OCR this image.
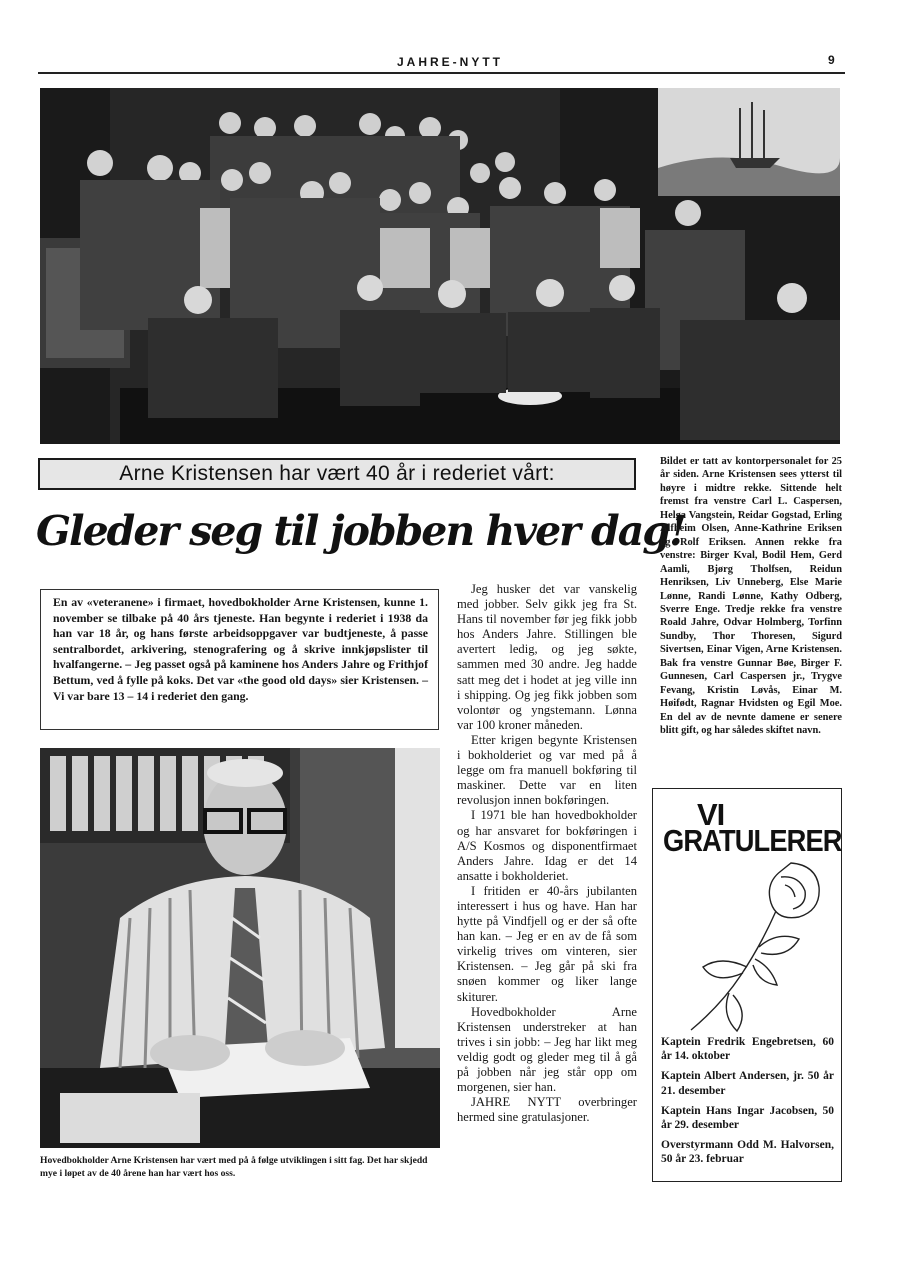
JAHRE-NYTT	9
Arne Kristensen har vært 40 år i rederiet vårt:
Gleder seg til jobben hver dag!
En av «veteranene» i firmaet, hovedbokholder Arne Kristensen, kunne 1. november se tilbake på 40 års tjeneste. Han begynte i rederiet i 1938 da han var 18 år, og hans første arbeidsoppgaver var budtjeneste, å passe sentralbordet, arkivering, stenografering og å skrive innkjøpslister til hvalfangerne. – Jeg passet også på kaminene hos Anders Jahre og Frithjof Bettum, ved å fylle på koks. Det var «the good old days» sier Kristensen. – Vi var bare 13 – 14 i rederiet den gang.
Hovedbokholder Arne Kristensen har vært med på å følge utviklingen i sitt fag. Det har skjedd mye i løpet av de 40 årene han har vært hos oss.

Jeg husker det var vanskelig med jobber. Selv gikk jeg fra St. Hans til november før jeg fikk jobb hos Anders Jahre. Stillingen ble avertert ledig, og jeg søkte, sammen med 30 andre. Jeg hadde satt meg det i hodet at jeg ville inn i shipping. Og jeg fikk jobben som volontør og yngstemann. Lønna var 100 kroner måneden.

Etter krigen begynte Kristensen i bokholderiet og var med på å legge om fra manuell bokføring til maskiner. Dette var en liten revolusjon innen bokføringen.

I 1971 ble han hovedbokholder og har ansvaret for bokføringen i A/S Kosmos og disponentfirmaet Anders Jahre. Idag er det 14 ansatte i bokholderiet.

I fritiden er 40-års jubilanten interessert i hus og have. Han har hytte på Vindfjell og er der så ofte han kan. – Jeg er en av de få som virkelig trives om vinteren, sier Kristensen. – Jeg går på ski fra snøen kommer og liker lange skiturer.

Hovedbokholder Arne Kristensen understreker at han trives i sin jobb: – Jeg har likt meg veldig godt og gleder meg til å gå på jobben når jeg står opp om morgenen, sier han.

JAHRE NYTT overbringer hermed sine gratulasjoner.

Bildet er tatt av kontorpersonalet for 25 år siden. Arne Kristensen sees ytterst til høyre i midtre rekke. Sittende helt fremst fra venstre Carl L. Caspersen, Helga Vangstein, Reidar Gogstad, Erling Alfheim Olsen, Anne-Kathrine Eriksen og Rolf Eriksen. Annen rekke fra venstre: Birger Kval, Bodil Hem, Gerd Aamli, Bjørg Tholfsen, Reidun Henriksen, Liv Unneberg, Else Marie Lønne, Randi Lønne, Kathy Odberg, Sverre Enge. Tredje rekke fra venstre Roald Jahre, Odvar Holmberg, Torfinn Sundby, Thor Thoresen, Sigurd Sivertsen, Einar Vigen, Arne Kristensen. Bak fra venstre Gunnar Bøe, Birger F. Gunnesen, Carl Caspersen jr., Trygve Fevang, Kristin Løvås, Einar M. Høifødt, Ragnar Hvidsten og Egil Moe. En del av de nevnte damene er senere blitt gift, og har således skiftet navn.
VI
GRATULERER
Kaptein Fredrik Engebretsen, 60 år 14. oktober
Kaptein Albert Andersen, jr. 50 år 21. desember
Kaptein Hans Ingar Jacobsen, 50 år 29. desember
Overstyrmann Odd M. Halvorsen, 50 år 23. februar
